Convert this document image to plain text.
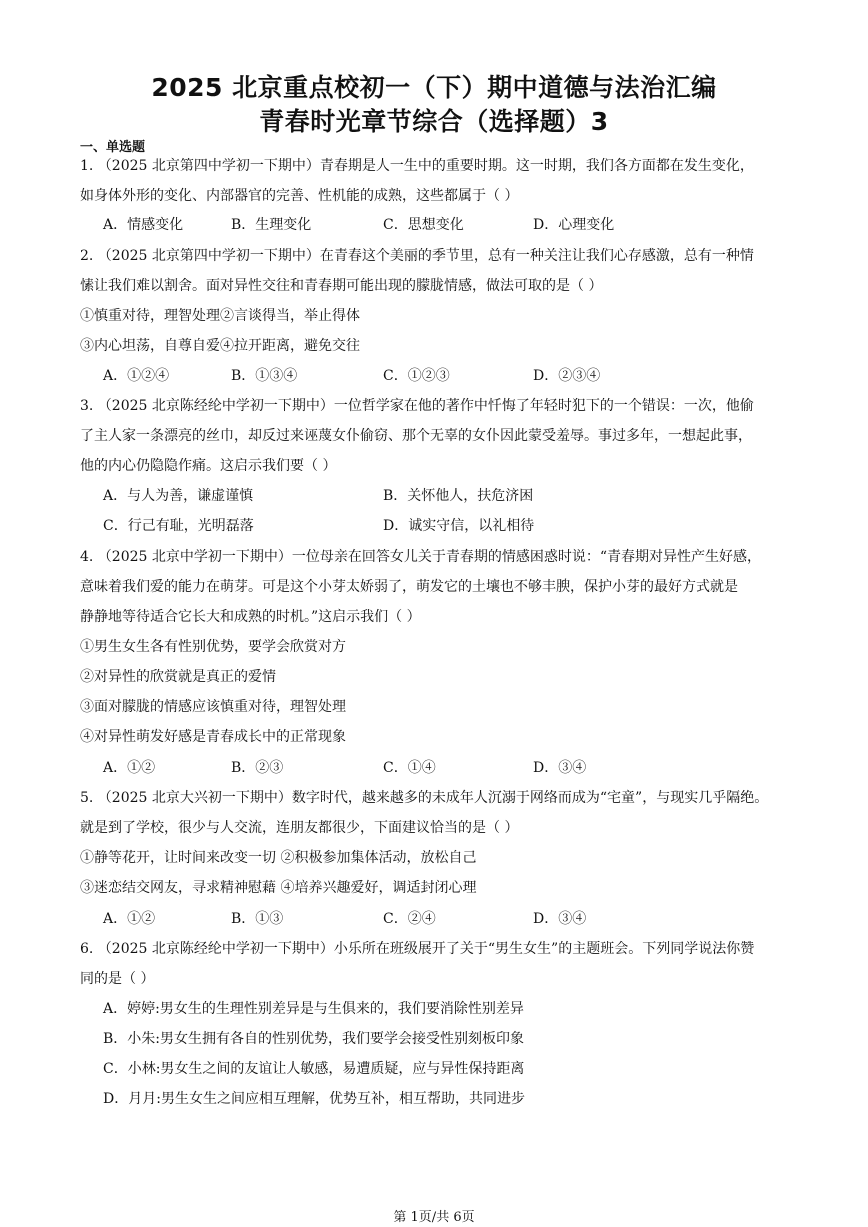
2025 北京重点校初一（下）期中道德与法治汇编
青春时光章节综合（选择题）3
一、单选题
1. （2025 北京第四中学初一下期中）青春期是人一生中的重要时期。这一时期，我们各方面都在发生变化，
如身体外形的变化、内部器官的完善、性机能的成熟，这些都属于（ ）
A．情感变化	B．生理变化	C．思想变化	D．心理变化
2. （2025 北京第四中学初一下期中）在青春这个美丽的季节里，总有一种关注让我们心存感激，总有一种情
愫让我们难以割舍。面对异性交往和青春期可能出现的朦胧情感，做法可取的是（ ）
①慎重对待，理智处理②言谈得当，举止得体
③内心坦荡，自尊自爱④拉开距离，避免交往
A．①②④	B．①③④	C．①②③	D．②③④
3. （2025 北京陈经纶中学初一下期中）一位哲学家在他的著作中忏悔了年轻时犯下的一个错误：一次，他偷
了主人家一条漂亮的丝巾，却反过来诬蔑女仆偷窃、那个无辜的女仆因此蒙受羞辱。事过多年，一想起此事，
他的内心仍隐隐作痛。这启示我们要（ ）
A．与人为善，谦虚谨慎	B．关怀他人，扶危济困
C．行己有耻，光明磊落	D．诚实守信，以礼相待
4. （2025 北京中学初一下期中）一位母亲在回答女儿关于青春期的情感困惑时说：“青春期对异性产生好感，
意味着我们爱的能力在萌芽。可是这个小芽太娇弱了，萌发它的土壤也不够丰腴，保护小芽的最好方式就是
静静地等待适合它长大和成熟的时机。”这启示我们（ ）
①男生女生各有性别优势，要学会欣赏对方
②对异性的欣赏就是真正的爱情
③面对朦胧的情感应该慎重对待，理智处理
④对异性萌发好感是青春成长中的正常现象
A．①②	B．②③	C．①④	D．③④
5. （2025 北京大兴初一下期中）数字时代，越来越多的未成年人沉溺于网络而成为“宅童”，与现实几乎隔绝。
就是到了学校，很少与人交流，连朋友都很少，下面建议恰当的是（ ）
①静等花开，让时间来改变一切 ②积极参加集体活动，放松自己
③迷恋结交网友，寻求精神慰藉 ④培养兴趣爱好，调适封闭心理
A．①②	B．①③	C．②④	D．③④
6. （2025 北京陈经纶中学初一下期中）小乐所在班级展开了关于“男生女生”的主题班会。下列同学说法你赞
同的是（ ）
A．婷婷:男女生的生理性别差异是与生俱来的，我们要消除性别差异
B．小朱:男女生拥有各自的性别优势，我们要学会接受性别刻板印象
C．小林:男女生之间的友谊让人敏感，易遭质疑，应与异性保持距离
D．月月:男生女生之间应相互理解，优势互补，相互帮助，共同进步
第 1页/共 6页
